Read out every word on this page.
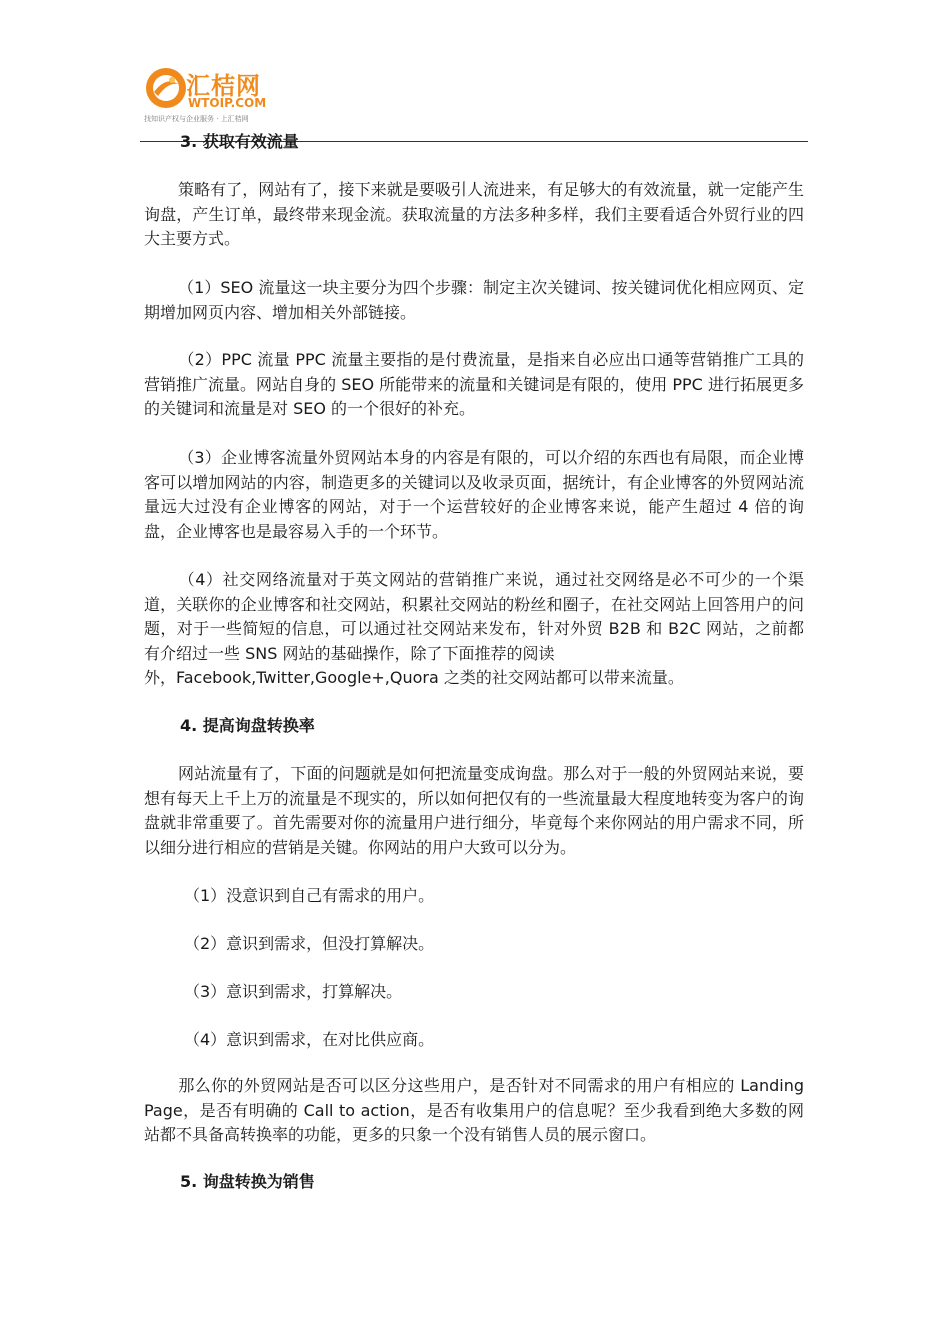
汇桔网
WTOIP.COM
找知识产权与企业服务 · 上汇桔网
3. 获取有效流量
策略有了，网站有了，接下来就是要吸引人流进来，有足够大的有效流量，就一定能产生询盘，产生订单，最终带来现金流。获取流量的方法多种多样，我们主要看适合外贸行业的四大主要方式。
（1）SEO 流量这一块主要分为四个步骤：制定主次关键词、按关键词优化相应网页、定期增加网页内容、增加相关外部链接。
（2）PPC 流量 PPC 流量主要指的是付费流量，是指来自必应出口通等营销推广工具的营销推广流量。网站自身的 SEO 所能带来的流量和关键词是有限的，使用 PPC 进行拓展更多的关键词和流量是对 SEO 的一个很好的补充。
（3）企业博客流量外贸网站本身的内容是有限的，可以介绍的东西也有局限，而企业博客可以增加网站的内容，制造更多的关键词以及收录页面，据统计，有企业博客的外贸网站流量远大过没有企业博客的网站，对于一个运营较好的企业博客来说，能产生超过 4 倍的询盘，企业博客也是最容易入手的一个环节。
（4）社交网络流量对于英文网站的营销推广来说，通过社交网络是必不可少的一个渠道，关联你的企业博客和社交网站，积累社交网站的粉丝和圈子，在社交网站上回答用户的问题，对于一些简短的信息，可以通过社交网站来发布，针对外贸 B2B 和 B2C 网站，之前都有介绍过一些 SNS 网站的基础操作，除了下面推荐的阅读
外，Facebook,Twitter,Google+,Quora 之类的社交网站都可以带来流量。
4. 提高询盘转换率
网站流量有了，下面的问题就是如何把流量变成询盘。那么对于一般的外贸网站来说，要想有每天上千上万的流量是不现实的，所以如何把仅有的一些流量最大程度地转变为客户的询盘就非常重要了。首先需要对你的流量用户进行细分，毕竟每个来你网站的用户需求不同，所以细分进行相应的营销是关键。你网站的用户大致可以分为。
（1）没意识到自己有需求的用户。
（2）意识到需求，但没打算解决。
（3）意识到需求，打算解决。
（4）意识到需求，在对比供应商。
那么你的外贸网站是否可以区分这些用户，是否针对不同需求的用户有相应的 Landing Page，是否有明确的 Call to action，是否有收集用户的信息呢？至少我看到绝大多数的网站都不具备高转换率的功能，更多的只象一个没有销售人员的展示窗口。
5. 询盘转换为销售
